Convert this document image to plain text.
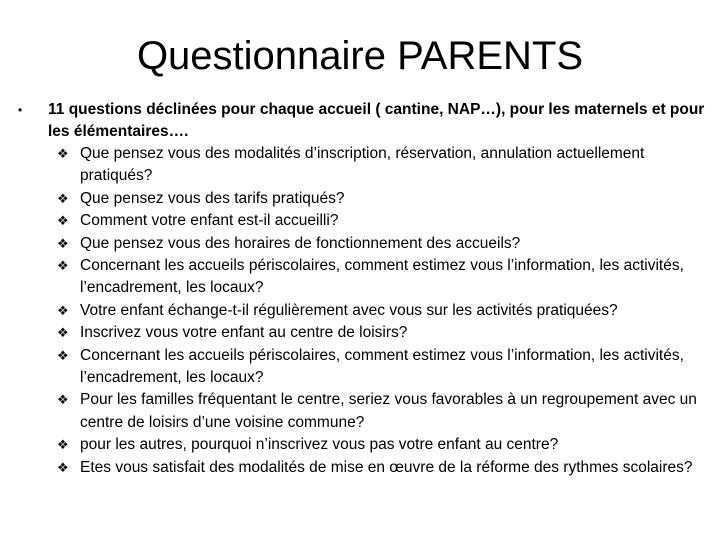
Questionnaire PARENTS
•	11 questions déclinées pour chaque accueil ( cantine, NAP…), pour les maternels et pour les élémentaires….
❖ Que pensez vous des modalités d’inscription, réservation, annulation actuellement pratiqués?
❖ Que pensez vous des tarifs pratiqués?
❖ Comment votre enfant est-il accueilli?
❖ Que pensez vous des horaires de fonctionnement des accueils?
❖ Concernant les accueils périscolaires, comment estimez vous l’information, les activités, l’encadrement, les locaux?
❖ Votre enfant échange-t-il régulièrement avec vous sur les activités pratiquées?
❖ Inscrivez vous votre enfant au centre de loisirs?
❖ Concernant les accueils périscolaires, comment estimez vous l’information, les activités, l’encadrement, les locaux?
❖ Pour les familles fréquentant le centre, seriez vous favorables à un regroupement avec un centre de loisirs d’une voisine commune?
❖ pour les autres, pourquoi n’inscrivez vous pas votre enfant au centre?
❖ Etes vous satisfait des modalités de mise en œuvre de la réforme des rythmes scolaires?
